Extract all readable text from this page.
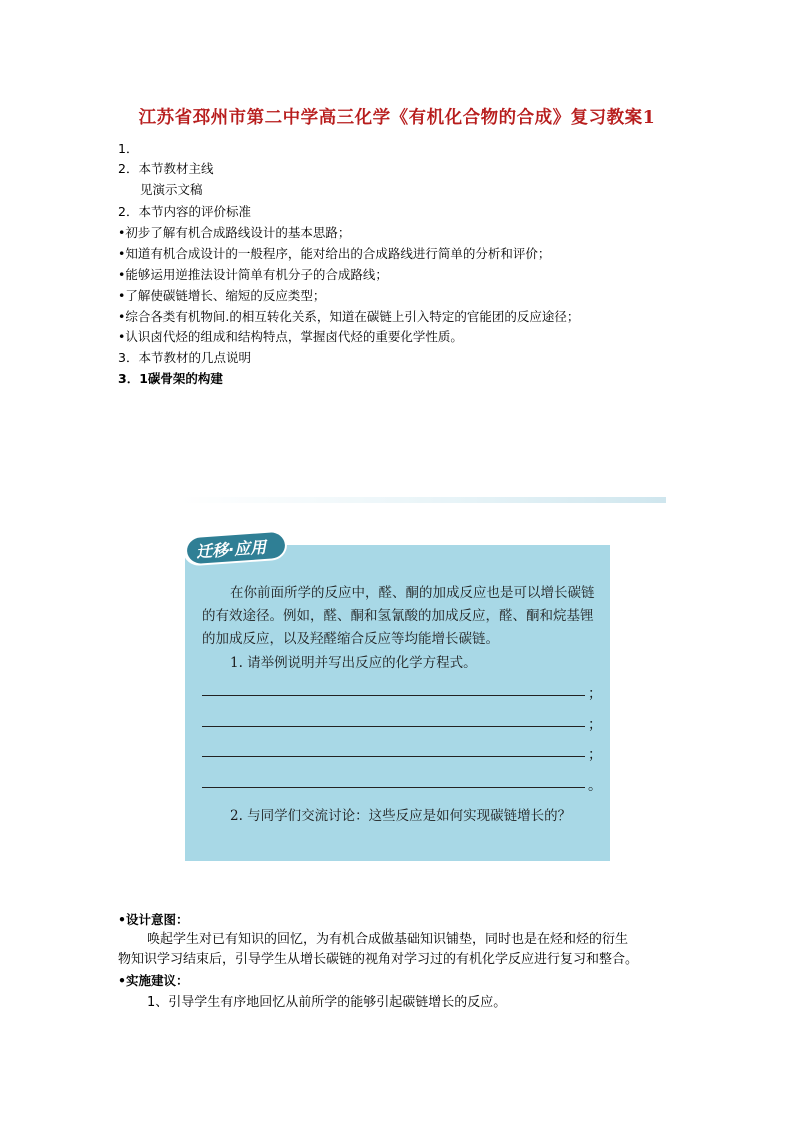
江苏省邳州市第二中学高三化学《有机化合物的合成》复习教案1
1．
2．本节教材主线
见演示文稿
2．本节内容的评价标准
•初步了解有机合成路线设计的基本思路；
•知道有机合成设计的一般程序，能对给出的合成路线进行简单的分析和评价；
•能够运用逆推法设计简单有机分子的合成路线；
•了解使碳链增长、缩短的反应类型；
•综合各类有机物间.的相互转化关系，知道在碳链上引入特定的官能团的反应途径；
•认识卤代烃的组成和结构特点，掌握卤代烃的重要化学性质。
3．本节教材的几点说明
3．1碳骨架的构建
迁移·应用
在你前面所学的反应中，醛、酮的加成反应也是可以增长碳链
的有效途径。例如，醛、酮和氢氰酸的加成反应，醛、酮和烷基锂
的加成反应，以及羟醛缩合反应等均能增长碳链。
1. 请举例说明并写出反应的化学方程式。
；
；
；
。
2. 与同学们交流讨论：这些反应是如何实现碳链增长的？
•设计意图：
唤起学生对已有知识的回忆，为有机合成做基础知识铺垫，同时也是在烃和烃的衍生
物知识学习结束后，引导学生从增长碳链的视角对学习过的有机化学反应进行复习和整合。
•实施建议：
1、引导学生有序地回忆从前所学的能够引起碳链增长的反应。
